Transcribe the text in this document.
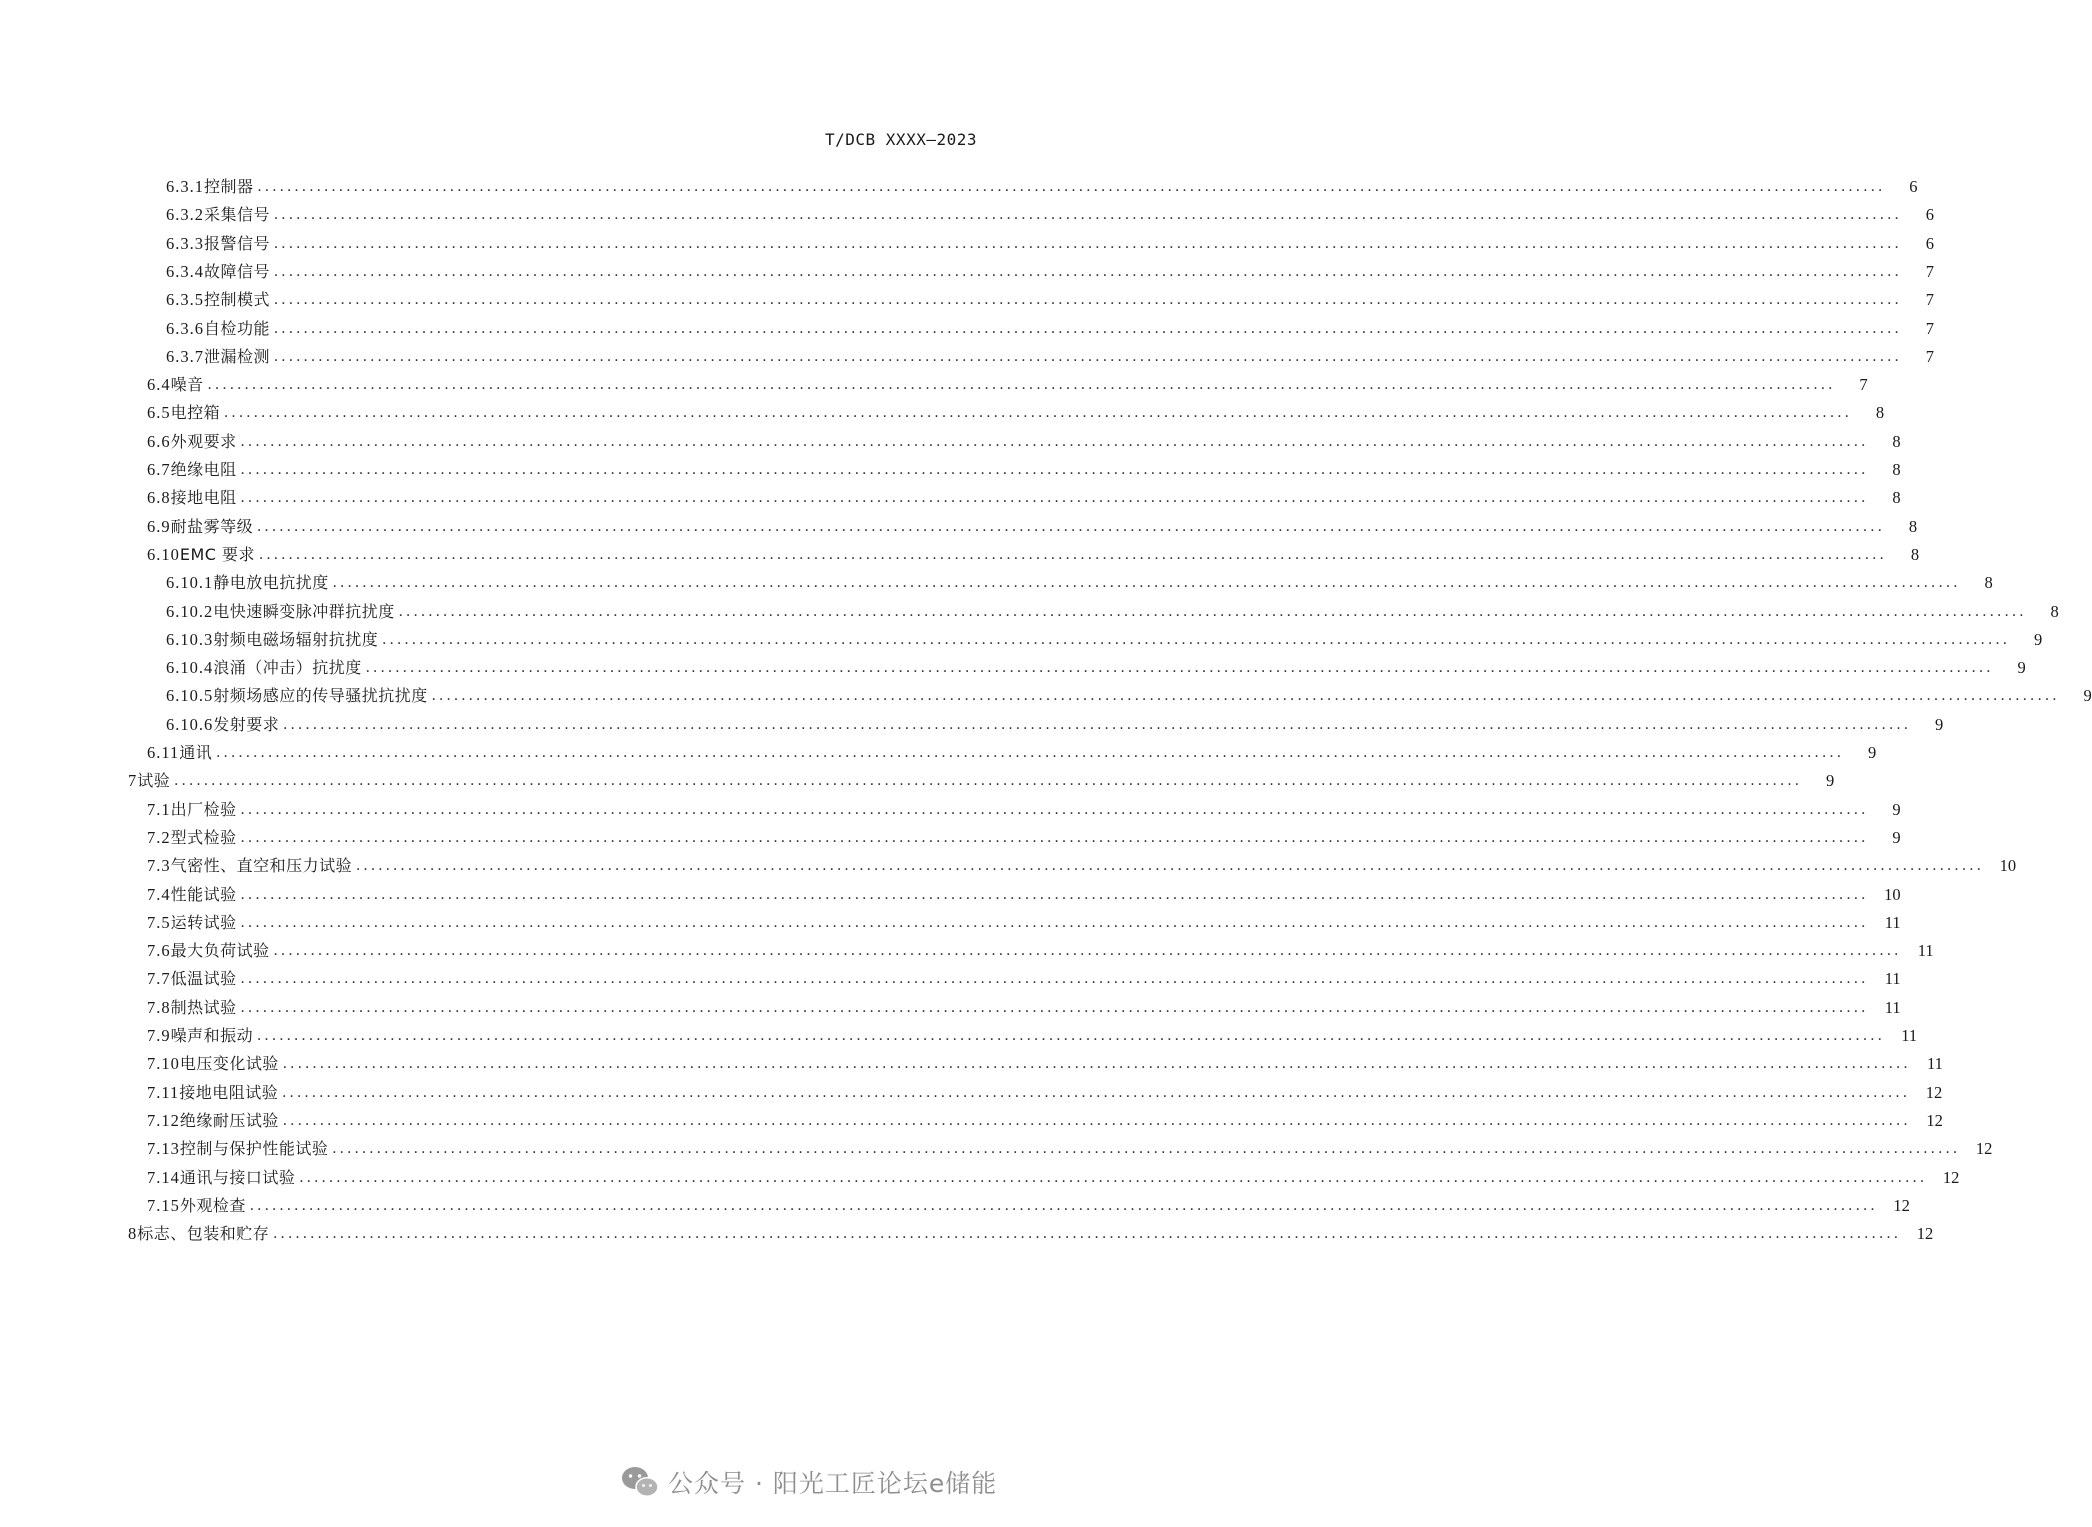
T/DCB XXXX—2023
6.3.1 控制器 ............................................................................................................................................................................................................................	6
6.3.2 采集信号 ............................................................................................................................................................................................................................	6
6.3.3 报警信号 ............................................................................................................................................................................................................................	6
6.3.4 故障信号 ............................................................................................................................................................................................................................	7
6.3.5 控制模式 ............................................................................................................................................................................................................................	7
6.3.6 自检功能 ............................................................................................................................................................................................................................	7
6.3.7 泄漏检测 ............................................................................................................................................................................................................................	7
6.4 噪音 ............................................................................................................................................................................................................................	7
6.5 电控箱 ............................................................................................................................................................................................................................	8
6.6 外观要求 ............................................................................................................................................................................................................................	8
6.7 绝缘电阻 ............................................................................................................................................................................................................................	8
6.8 接地电阻 ............................................................................................................................................................................................................................	8
6.9 耐盐雾等级 ............................................................................................................................................................................................................................	8
6.10 EMC 要求 ............................................................................................................................................................................................................................	8
6.10.1 静电放电抗扰度 ............................................................................................................................................................................................................................	8
6.10.2 电快速瞬变脉冲群抗扰度 ............................................................................................................................................................................................................................	8
6.10.3 射频电磁场辐射抗扰度 ............................................................................................................................................................................................................................	9
6.10.4 浪涌（冲击）抗扰度 ............................................................................................................................................................................................................................	9
6.10.5 射频场感应的传导骚扰抗扰度 ............................................................................................................................................................................................................................	9
6.10.6 发射要求 ............................................................................................................................................................................................................................	9
6.11 通讯 ............................................................................................................................................................................................................................	9
7 试验 ............................................................................................................................................................................................................................	9
7.1 出厂检验 ............................................................................................................................................................................................................................	9
7.2 型式检验 ............................................................................................................................................................................................................................	9
7.3 气密性、直空和压力试验 ............................................................................................................................................................................................................................ 10
7.4 性能试验 ............................................................................................................................................................................................................................ 10
7.5 运转试验 ............................................................................................................................................................................................................................ 11
7.6 最大负荷试验 ............................................................................................................................................................................................................................ 11
7.7 低温试验 ............................................................................................................................................................................................................................ 11
7.8 制热试验 ............................................................................................................................................................................................................................ 11
7.9 噪声和振动 ............................................................................................................................................................................................................................ 11
7.10 电压变化试验 ............................................................................................................................................................................................................................ 11
7.11 接地电阻试验 ............................................................................................................................................................................................................................ 12
7.12 绝缘耐压试验 ............................................................................................................................................................................................................................ 12
7.13 控制与保护性能试验 ............................................................................................................................................................................................................................ 12
7.14 通讯与接口试验 ............................................................................................................................................................................................................................ 12
7.15 外观检查 ............................................................................................................................................................................................................................ 12
8 标志、包装和贮存 ............................................................................................................................................................................................................................ 12
公众号 · 阳光工匠论坛e储能
